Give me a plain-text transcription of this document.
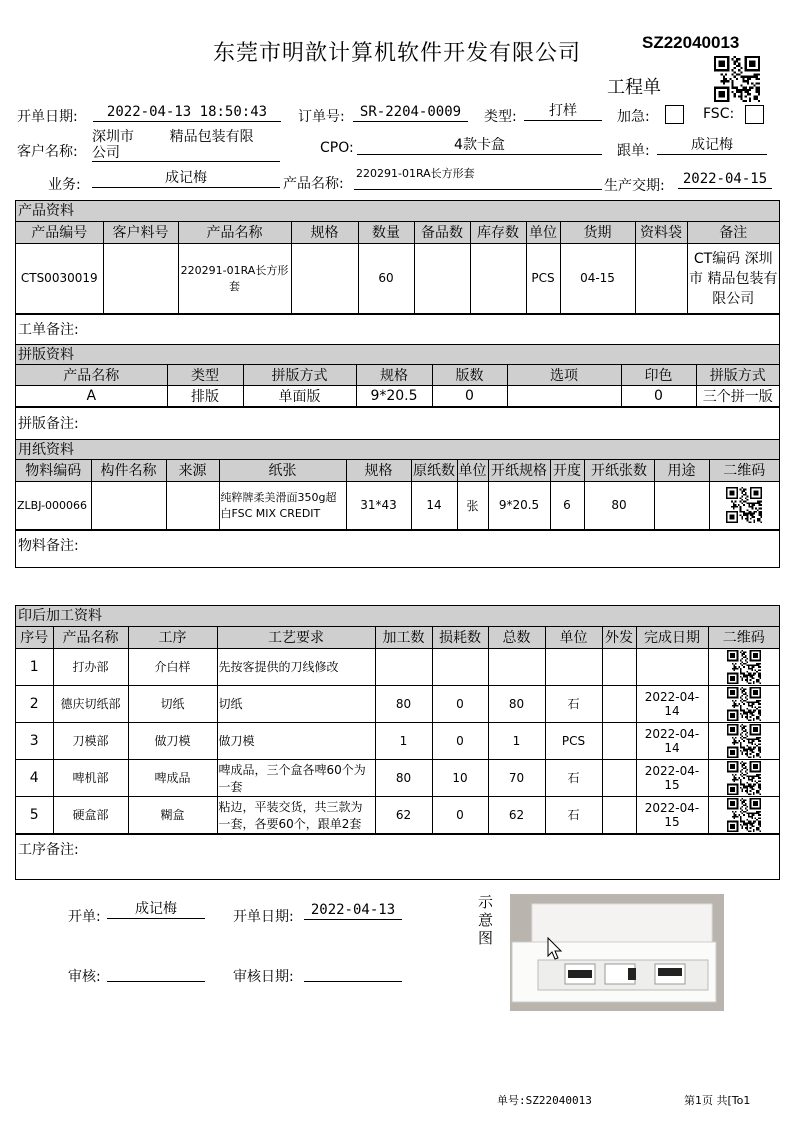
东莞市明歆计算机软件开发有限公司	SZ22040013
工程单
开单日期:	2022-04-13 18:50:43	订单号:	SR-2204-0009	类型:	打样	加急:	FSC:
客户名称:
深圳市        精品包装有限
公司	CPO:	4款卡盒	跟单:	成记梅
业务:	成记梅	产品名称:
220291-01RA长方形套
生产交期:	2022-04-15
产品资料
产品编号	客户料号	产品名称	规格	数量	备品数	库存数	单位	货期	资料袋	备注
CTS0030019		220291-01RA长方形套		60			PCS	04-15		CT编码 深圳市 精品包装有限公司
工单备注:
拼版资料
产品名称	类型	拼版方式	规格	版数	选项	印色	拼版方式
A	排版	单面版	9*20.5	0		0	三个拼一版
拼版备注:
用纸资料
物料编码	构件名称	来源	纸张	规格	原纸数	单位	开纸规格	开度	开纸张数	用途	二维码
ZLBJ-000066			纯粹牌柔美滑面350g超白FSC MIX CREDIT	31*43	14	张	9*20.5	6	80		
物料备注:
印后加工资料
序号	产品名称	工序	工艺要求	加工数	损耗数	总数	单位	外发	完成日期	二维码
1	打办部	介白样	先按客提供的刀线修改							

2	德庆切纸部	切纸	切纸	80	0	80	石		2022-04-14	

3	刀模部	做刀模	做刀模	1	0	1	PCS		2022-04-14	

4	啤机部	啤成品	啤成品，三个盒各啤60个为一套	80	10	70	石		2022-04-15	

5	硬盒部	糊盒	粘边，平装交货，共三款为一套，各要60个，跟单2套	62	0	62	石		2022-04-15	
工序备注:
开单:	成记梅	开单日期:	2022-04-13
审核:	审核日期:
示意图
单号:SZ22040013	第1页 共[To1
